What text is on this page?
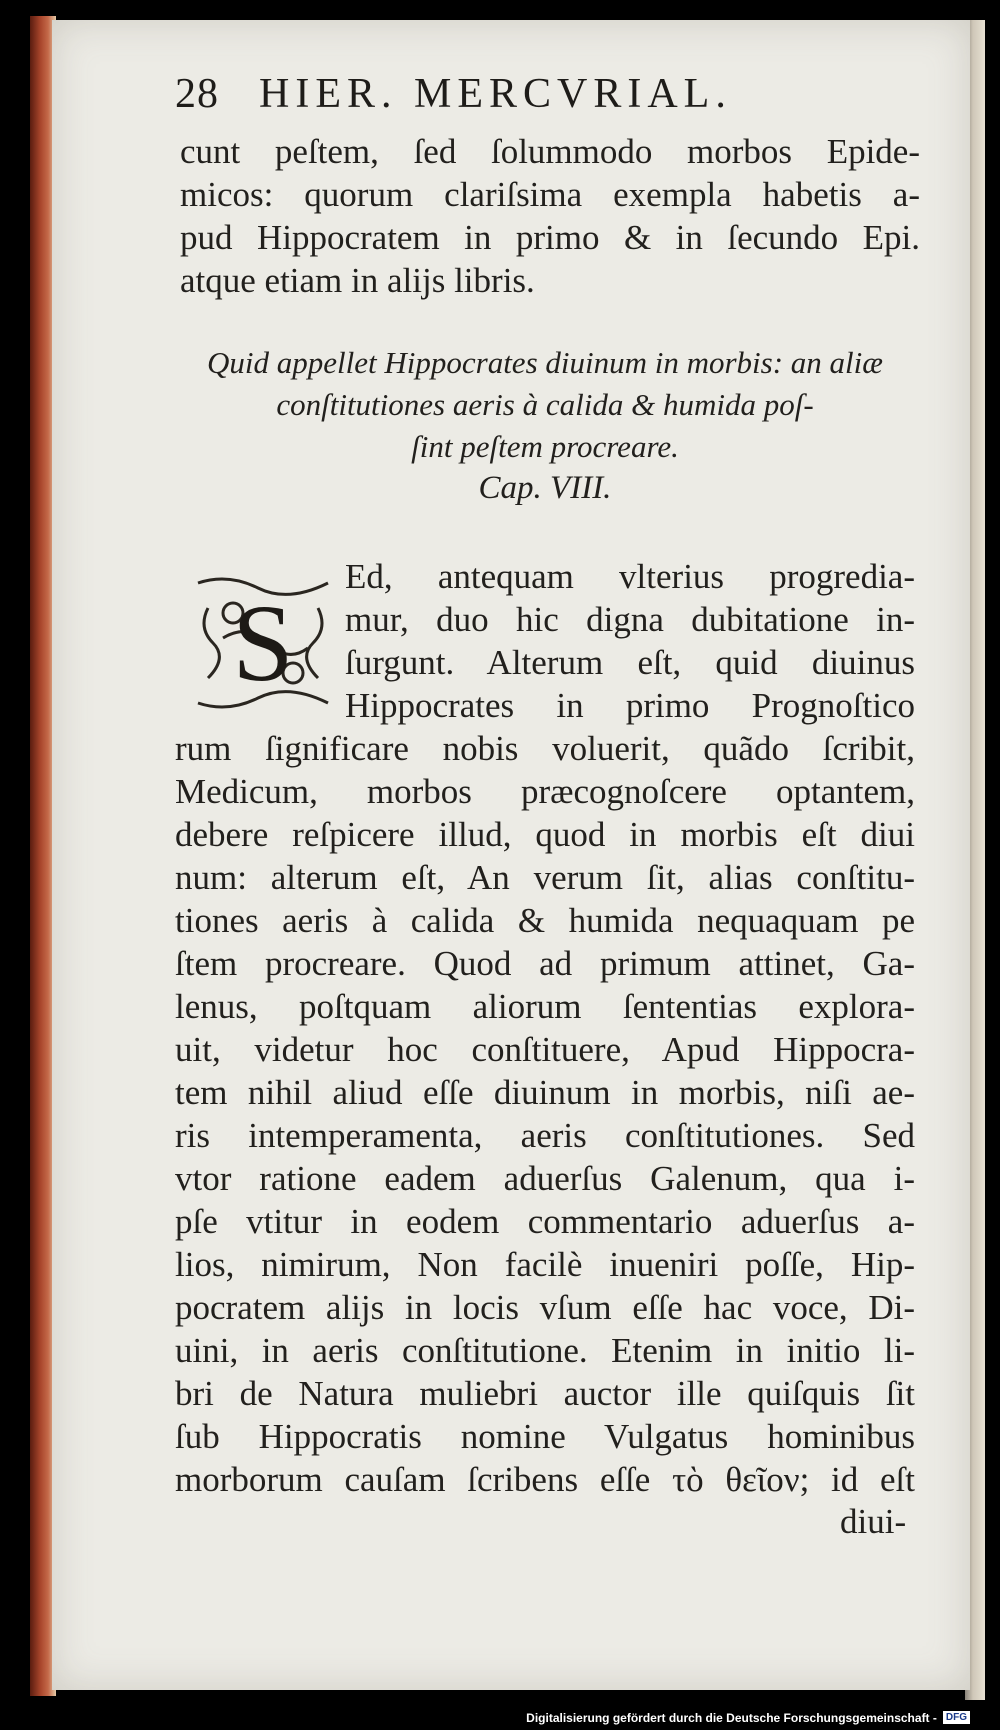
28 HIER. MERCVRIAL.
cunt peſtem, ſed ſolummodo morbos Epide-
micos: quorum clariſsima exempla habetis a-
pud Hippocratem in primo & in ſecundo Epi.
atque etiam in alijs libris.
Quid appellet Hippocrates diuinum in morbis: an aliæ
conſtitutiones aeris à calida & humida poſ-
ſint peſtem procreare.
Cap. VIII.
S
Ed, antequam vlterius progredia-
mur, duo hic digna dubitatione in-
ſurgunt. Alterum eſt, quid diuinus
Hippocrates in primo Prognoſtico
rum ſignificare nobis voluerit, quãdo ſcribit,
Medicum, morbos præcognoſcere optantem,
debere reſpicere illud, quod in morbis eſt diui
num: alterum eſt, An verum ſit, alias conſtitu-
tiones aeris à calida & humida nequaquam pe
ſtem procreare. Quod ad primum attinet, Ga-
lenus, poſtquam aliorum ſententias explora-
uit, videtur hoc conſtituere, Apud Hippocra-
tem nihil aliud eſſe diuinum in morbis, niſi ae-
ris intemperamenta, aeris conſtitutiones. Sed
vtor ratione eadem aduerſus Galenum, qua i-
pſe vtitur in eodem commentario aduerſus a-
lios, nimirum, Non facilè inueniri poſſe, Hip-
pocratem alijs in locis vſum eſſe hac voce, Di-
uini, in aeris conſtitutione. Etenim in initio li-
bri de Natura muliebri auctor ille quiſquis ſit
ſub Hippocratis nomine Vulgatus hominibus
morborum cauſam ſcribens eſſe τὸ θεῖον; id eſt
diui-
Digitalisierung gefördert durch die Deutsche Forschungsgemeinschaft - DFG
